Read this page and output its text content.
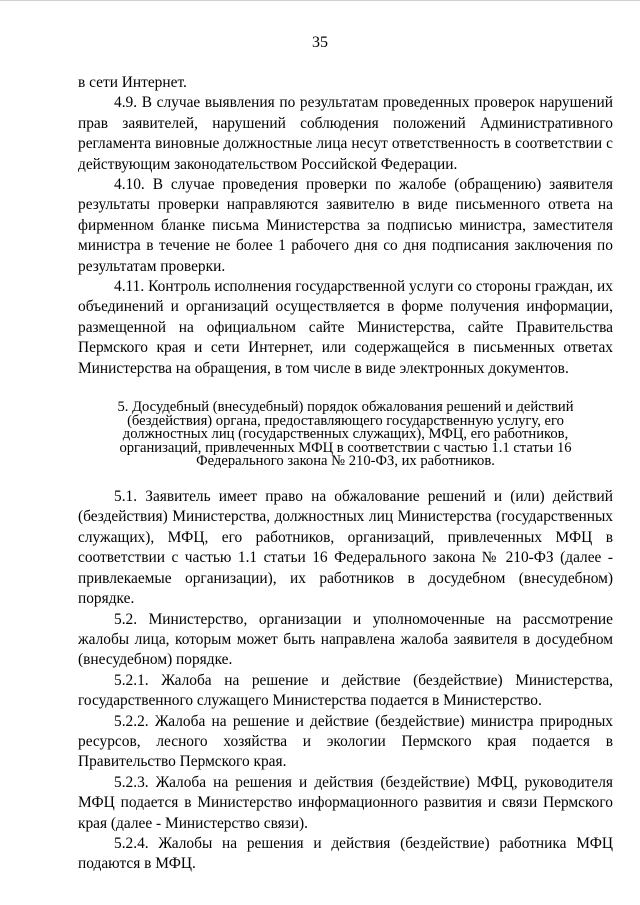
35

в сети Интернет.

4.9. В случае выявления по результатам проведенных проверок нарушений прав заявителей, нарушений соблюдения положений Административного регламента виновные должностные лица несут ответственность в соответствии с действующим законодательством Российской Федерации.

4.10. В случае проведения проверки по жалобе (обращению) заявителя результаты проверки направляются заявителю в виде письменного ответа на фирменном бланке письма Министерства за подписью министра, заместителя министра в течение не более 1 рабочего дня со дня подписания заключения по результатам проверки.

4.11. Контроль исполнения государственной услуги со стороны граждан, их объединений и организаций осуществляется в форме получения информации, размещенной на официальном сайте Министерства, сайте Правительства Пермского края и сети Интернет, или содержащейся в письменных ответах Министерства на обращения, в том числе в виде электронных документов.

5. Досудебный (внесудебный) порядок обжалования решений и действий (бездействия) органа, предоставляющего государственную услугу, его должностных лиц (государственных служащих), МФЦ, его работников, организаций, привлеченных МФЦ в соответствии с частью 1.1 статьи 16 Федерального закона № 210-ФЗ, их работников.

5.1. Заявитель имеет право на обжалование решений и (или) действий (бездействия) Министерства, должностных лиц Министерства (государственных служащих), МФЦ, его работников, организаций, привлеченных МФЦ в соответствии с частью 1.1 статьи 16 Федерального закона № 210-ФЗ (далее - привлекаемые организации), их работников в досудебном (внесудебном) порядке.

5.2. Министерство, организации и уполномоченные на рассмотрение жалобы лица, которым может быть направлена жалоба заявителя в досудебном (внесудебном) порядке.

5.2.1. Жалоба на решение и действие (бездействие) Министерства, государственного служащего Министерства подается в Министерство.

5.2.2. Жалоба на решение и действие (бездействие) министра природных ресурсов, лесного хозяйства и экологии Пермского края подается в Правительство Пермского края.

5.2.3. Жалоба на решения и действия (бездействие) МФЦ, руководителя МФЦ подается в Министерство информационного развития и связи Пермского края (далее - Министерство связи).

5.2.4. Жалобы на решения и действия (бездействие) работника МФЦ подаются в МФЦ.
